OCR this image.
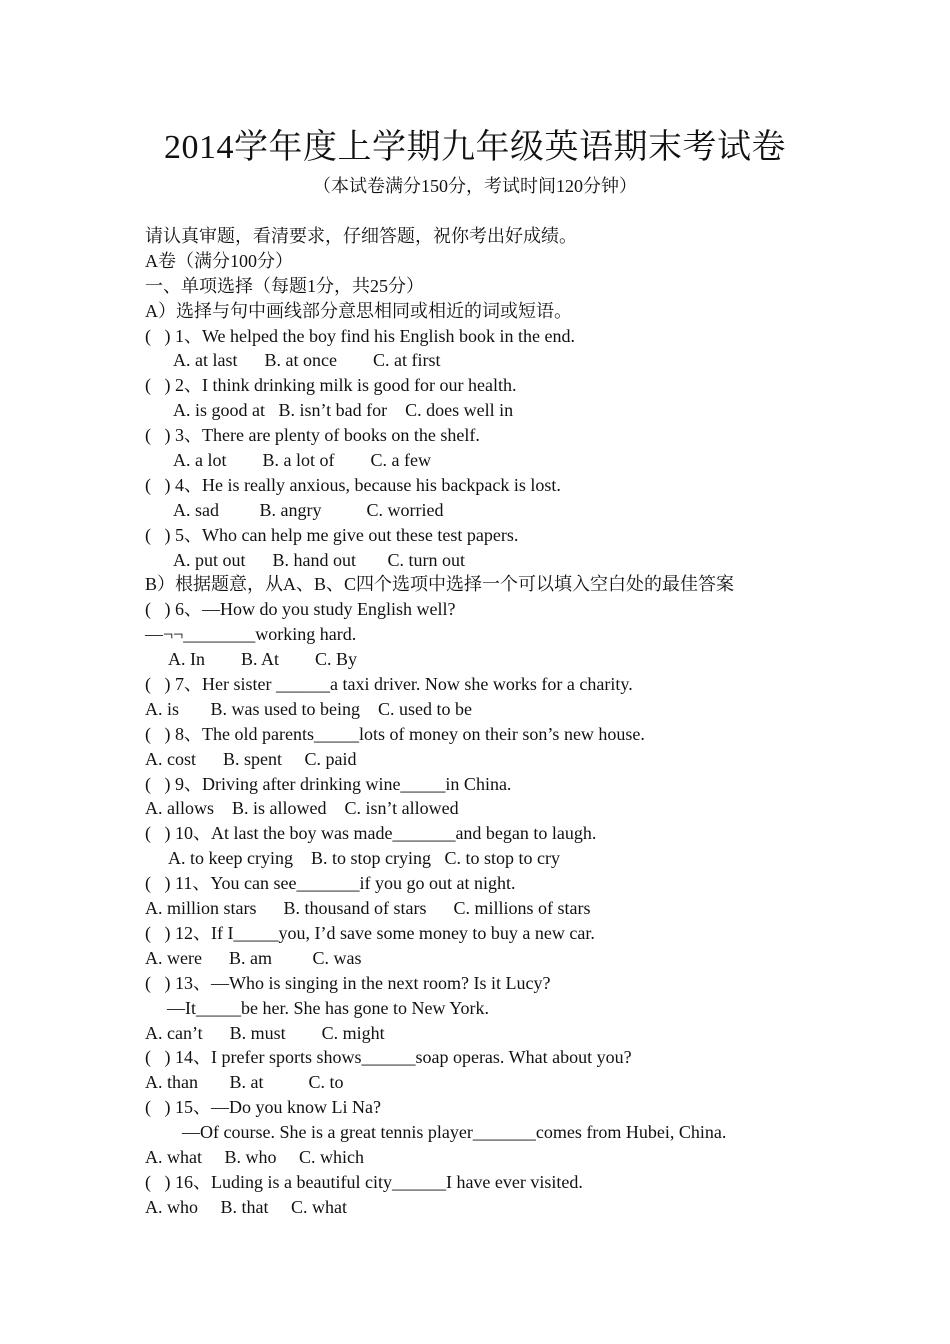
2014学年度上学期九年级英语期末考试卷
（本试卷满分150分，考试时间120分钟）
请认真审题，看清要求，仔细答题，祝你考出好成绩。
A卷（满分100分）
一、单项选择（每题1分，共25分）
A）选择与句中画线部分意思相同或相近的词或短语。
(   ) 1、We helped the boy find his English book in the end.
A. at last      B. at once        C. at first
(   ) 2、I think drinking milk is good for our health.
A. is good at   B. isn’t bad for    C. does well in
(   ) 3、There are plenty of books on the shelf.
A. a lot        B. a lot of        C. a few
(   ) 4、He is really anxious, because his backpack is lost.
A. sad         B. angry          C. worried
(   ) 5、Who can help me give out these test papers.
A. put out      B. hand out       C. turn out
B）根据题意，从A、B、C四个选项中选择一个可以填入空白处的最佳答案
(   ) 6、—How do you study English well?
—¬¬________working hard.
A. In        B. At        C. By
(   ) 7、Her sister ______a taxi driver. Now she works for a charity.
A. is       B. was used to being    C. used to be
(   ) 8、The old parents_____lots of money on their son’s new house.
A. cost      B. spent     C. paid
(   ) 9、Driving after drinking wine_____in China.
A. allows    B. is allowed    C. isn’t allowed
(   ) 10、At last the boy was made_______and began to laugh.
A. to keep crying    B. to stop crying   C. to stop to cry
(   ) 11、You can see_______if you go out at night.
A. million stars      B. thousand of stars      C. millions of stars
(   ) 12、If I_____you, I’d save some money to buy a new car.
A. were      B. am         C. was
(   ) 13、—Who is singing in the next room? Is it Lucy?
—It_____be her. She has gone to New York.
A. can’t      B. must        C. might
(   ) 14、I prefer sports shows______soap operas. What about you?
A. than       B. at          C. to
(   ) 15、—Do you know Li Na?
—Of course. She is a great tennis player_______comes from Hubei, China.
A. what     B. who     C. which
(   ) 16、Luding is a beautiful city______I have ever visited.
A. who     B. that     C. what
